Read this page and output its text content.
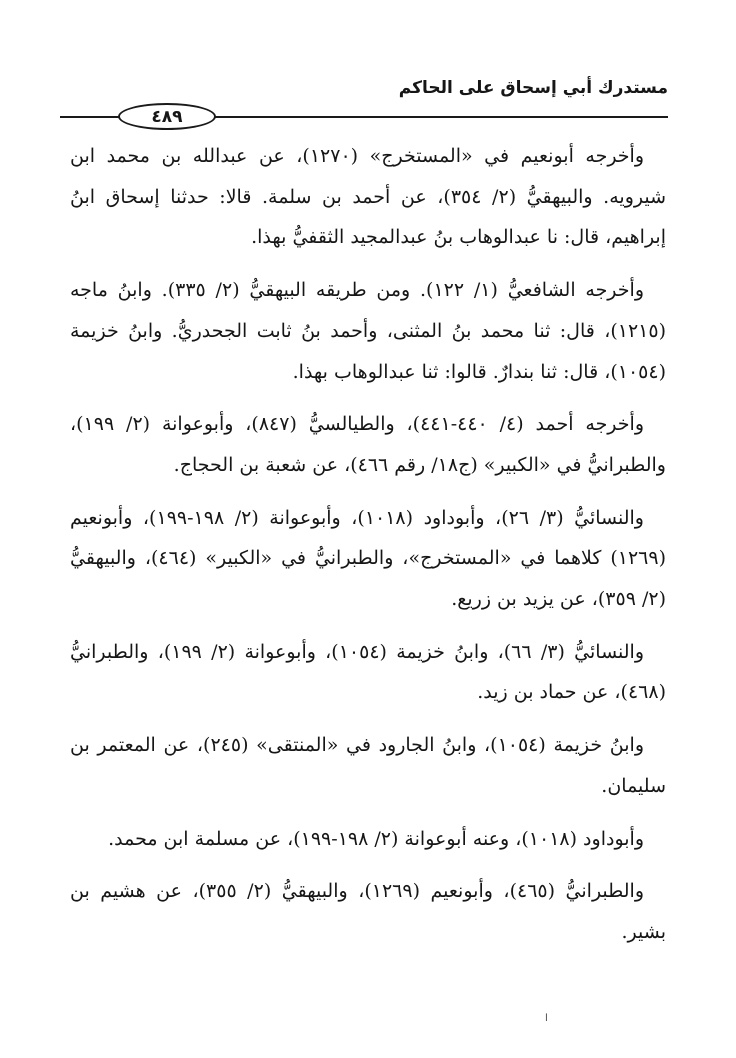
مستدرك أبي إسحاق على الحاكم
٤٨٩

وأخرجه أبونعيم في «المستخرج» (١٢٧٠)، عن عبدالله بن محمد ابن شيرويه. والبيهقيُّ (٢/ ٣٥٤)، عن أحمد بن سلمة. قالا: حدثنا إسحاق ابنُ إبراهيم، قال: نا عبدالوهاب بنُ عبدالمجيد الثقفيُّ بهذا.

وأخرجه الشافعيُّ (١/ ١٢٢). ومن طريقه البيهقيُّ (٢/ ٣٣٥). وابنُ ماجه (١٢١٥)، قال: ثنا محمد بنُ المثنى، وأحمد بنُ ثابت الجحدريُّ. وابنُ خزيمة (١٠٥٤)، قال: ثنا بندارٌ. قالوا: ثنا عبدالوهاب بهذا.

وأخرجه أحمد (٤/ ٤٤٠-٤٤١)، والطيالسيُّ (٨٤٧)، وأبوعوانة (٢/ ١٩٩)، والطبرانيُّ في «الكبير» (ج١٨/ رقم ٤٦٦)، عن شعبة بن الحجاج.

والنسائيُّ (٣/ ٢٦)، وأبوداود (١٠١٨)، وأبوعوانة (٢/ ١٩٨-١٩٩)، وأبونعيم (١٢٦٩) كلاهما في «المستخرج»، والطبرانيُّ في «الكبير» (٤٦٤)، والبيهقيُّ (٢/ ٣٥٩)، عن يزيد بن زريع.

والنسائيُّ (٣/ ٦٦)، وابنُ خزيمة (١٠٥٤)، وأبوعوانة (٢/ ١٩٩)، والطبرانيُّ (٤٦٨)، عن حماد بن زيد.

وابنُ خزيمة (١٠٥٤)، وابنُ الجارود في «المنتقى» (٢٤٥)، عن المعتمر بن سليمان.

وأبوداود (١٠١٨)، وعنه أبوعوانة (٢/ ١٩٨-١٩٩)، عن مسلمة ابن محمد.

والطبرانيُّ (٤٦٥)، وأبونعيم (١٢٦٩)، والبيهقيُّ (٢/ ٣٥٥)، عن هشيم بن بشير.

ا
